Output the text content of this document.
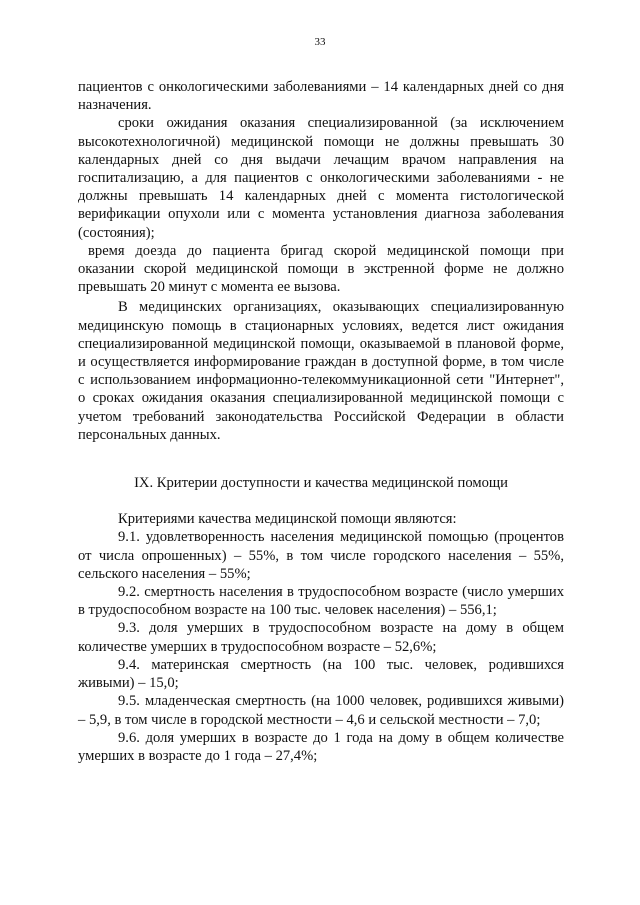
33

пациентов с онкологическими заболеваниями – 14 календарных дней со дня назначения.

сроки ожидания оказания специализированной (за исключением высокотехнологичной) медицинской помощи не должны превышать 30 календарных дней со дня выдачи лечащим врачом направления на госпитализацию, а для пациентов с онкологическими заболеваниями - не должны превышать 14 календарных дней с момента гистологической верификации опухоли или с момента установления диагноза заболевания (состояния);

время доезда до пациента бригад скорой медицинской помощи при оказании скорой медицинской помощи в экстренной форме не должно превышать 20 минут с момента ее вызова.

В медицинских организациях, оказывающих специализированную медицинскую помощь в стационарных условиях, ведется лист ожидания специализированной медицинской помощи, оказываемой в плановой форме, и осуществляется информирование граждан в доступной форме, в том числе с использованием информационно-телекоммуникационной сети "Интернет", о сроках ожидания оказания специализированной медицинской помощи с учетом требований законодательства Российской Федерации в области персональных данных.

IX. Критерии доступности и качества медицинской помощи

Критериями качества медицинской помощи являются:

9.1. удовлетворенность населения медицинской помощью (процентов от числа опрошенных) – 55%, в том числе городского населения – 55%, сельского населения – 55%;

9.2. смертность населения в трудоспособном возрасте (число умерших в трудоспособном возрасте на 100 тыс. человек населения) – 556,1;

9.3. доля умерших в трудоспособном возрасте на дому в общем количестве умерших в трудоспособном возрасте – 52,6%;

9.4. материнская смертность (на 100 тыс. человек, родившихся живыми) – 15,0;

9.5. младенческая смертность (на 1000 человек, родившихся живыми) – 5,9, в том числе в городской местности – 4,6 и сельской местности – 7,0;

9.6. доля умерших в возрасте до 1 года на дому в общем количестве умерших в возрасте до 1 года – 27,4%;
